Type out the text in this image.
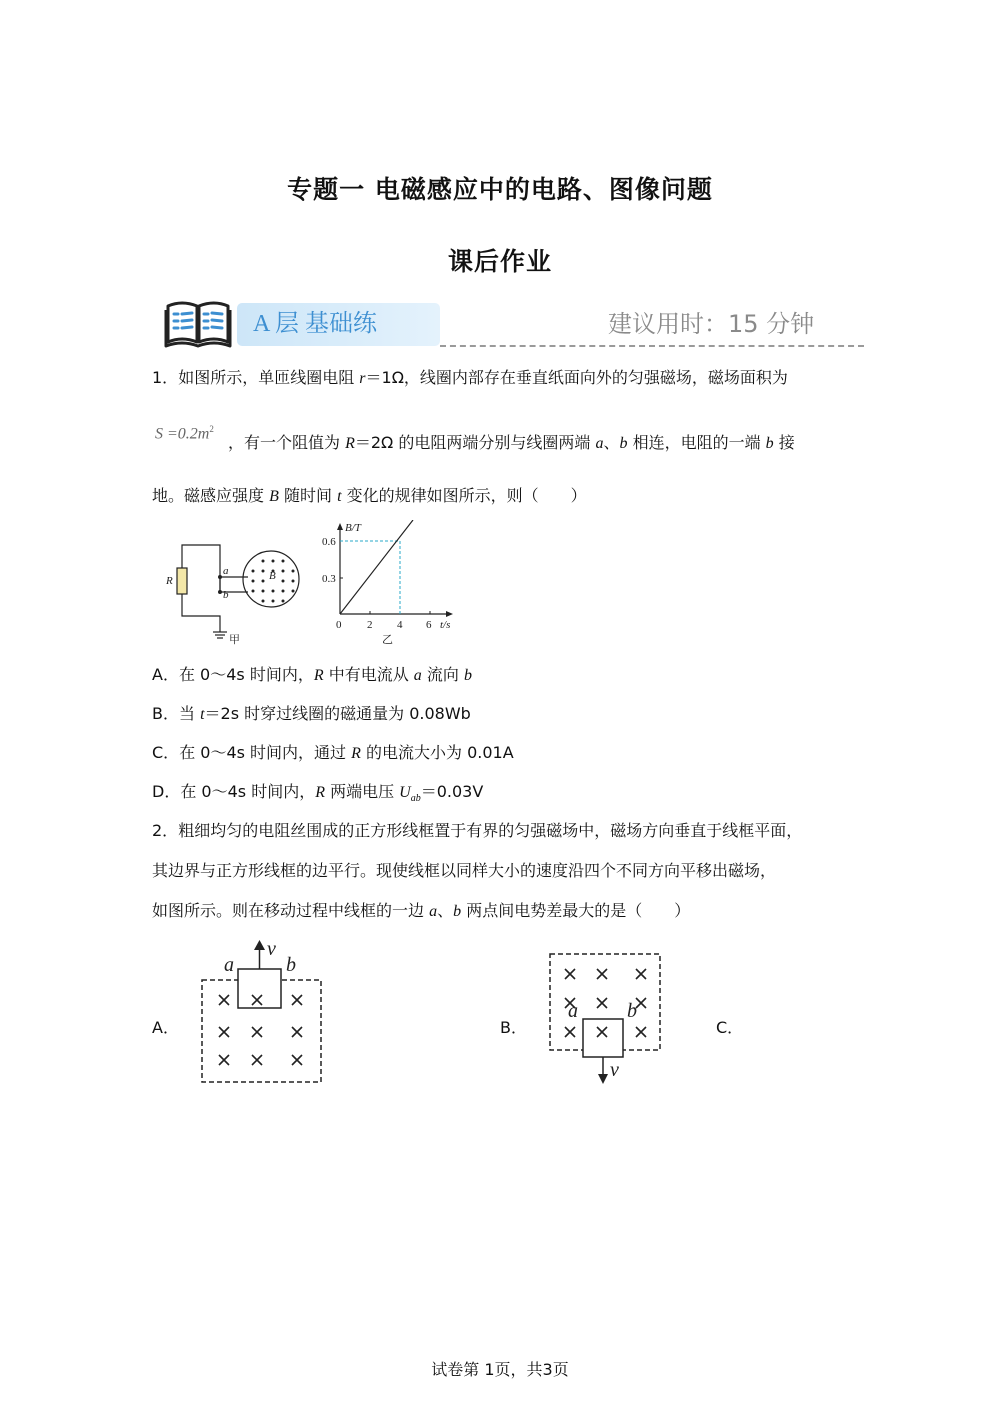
专题一 电磁感应中的电路、图像问题
课后作业
A 层 基础练	建议用时：15 分钟
1．如图所示，单匝线圈电阻 r＝1Ω，线圈内部存在垂直纸面向外的匀强磁场，磁场面积为
$S =0.2m^2$
，有一个阻值为 R＝2Ω 的电阻两端分别与线圈两端 a、b 相连，电阻的一端 b 接
地。磁感应强度 B 随时间 t 变化的规律如图所示，则（　　）
R
a
b
B
甲
B/T
0.6
0.3
0 2 4 6 t/s
乙
A．在 0～4s 时间内，R 中有电流从 a 流向 b
B．当 t＝2s 时穿过线圈的磁通量为 0.08Wb
C．在 0～4s 时间内，通过 R 的电流大小为 0.01A
D．在 0～4s 时间内，R 两端电压 $U_{ab}=0.03V$
2．粗细均匀的电阻丝围成的正方形线框置于有界的匀强磁场中，磁场方向垂直于线框平面，
其边界与正方形线框的边平行。现使线框以同样大小的速度沿四个不同方向平移出磁场，
如图所示。则在移动过程中线框的一边 a、b 两点间电势差最大的是（　　）
A．
a	b
v
B．
a b
v
C．
试卷第 1页，共3页
